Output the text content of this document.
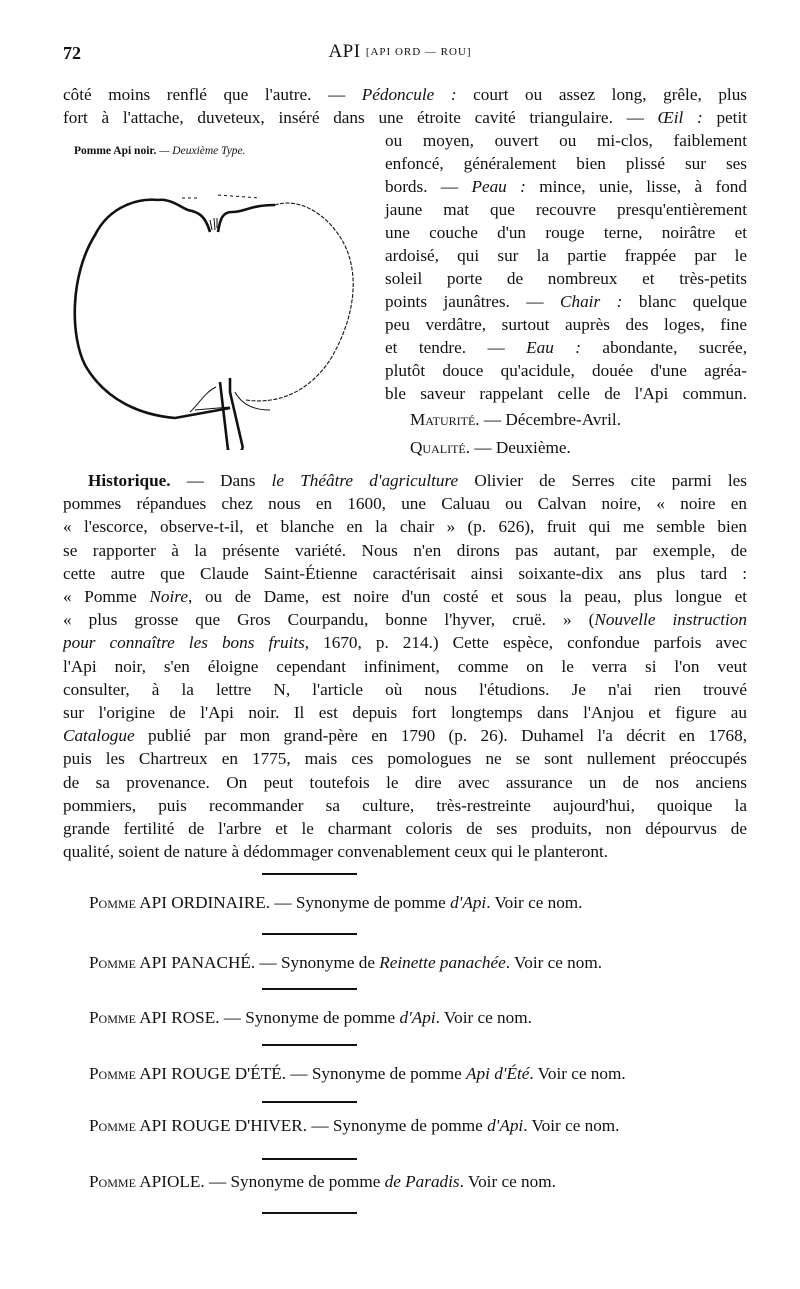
72	API [API ORD — ROU]
côté moins renflé que l'autre. — Pédoncule : court ou assez long, grêle, plus
fort à l'attache, duveteux, inséré dans une étroite cavité triangulaire. — Œil : petit
Pomme Api noir. — Deuxième Type.
ou moyen, ouvert ou mi-clos, faiblement
enfoncé, généralement bien plissé sur ses
bords. — Peau : mince, unie, lisse, à fond
jaune mat que recouvre presqu'entièrement
une couche d'un rouge terne, noirâtre et
ardoisé, qui sur la partie frappée par le
soleil porte de nombreux et très-petits
points jaunâtres. — Chair : blanc quelque
peu verdâtre, surtout auprès des loges, fine
et tendre. — Eau : abondante, sucrée,
plutôt douce qu'acidule, douée d'une agréa-
ble saveur rappelant celle de l'Api commun.
Maturité. — Décembre-Avril.
Qualité. — Deuxième.
Historique. — Dans le Théâtre d'agriculture Olivier de Serres cite parmi les
pommes répandues chez nous en 1600, une Caluau ou Calvan noire, « noire en
« l'escorce, observe-t-il, et blanche en la chair » (p. 626), fruit qui me semble bien
se rapporter à la présente variété. Nous n'en dirons pas autant, par exemple, de
cette autre que Claude Saint-Étienne caractérisait ainsi soixante-dix ans plus tard :
« Pomme Noire, ou de Dame, est noire d'un costé et sous la peau, plus longue et
« plus grosse que Gros Courpandu, bonne l'hyver, cruë. » (Nouvelle instruction
pour connaître les bons fruits, 1670, p. 214.) Cette espèce, confondue parfois avec
l'Api noir, s'en éloigne cependant infiniment, comme on le verra si l'on veut
consulter, à la lettre N, l'article où nous l'étudions. Je n'ai rien trouvé
sur l'origine de l'Api noir. Il est depuis fort longtemps dans l'Anjou et figure au
Catalogue publié par mon grand-père en 1790 (p. 26). Duhamel l'a décrit en 1768,
puis les Chartreux en 1775, mais ces pomologues ne se sont nullement préoccupés
de sa provenance. On peut toutefois le dire avec assurance un de nos anciens
pommiers, puis recommander sa culture, très-restreinte aujourd'hui, quoique la
grande fertilité de l'arbre et le charmant coloris de ses produits, non dépourvus de
qualité, soient de nature à dédommager convenablement ceux qui le planteront.
Pomme API ORDINAIRE. — Synonyme de pomme d'Api. Voir ce nom.
Pomme API PANACHÉ. — Synonyme de Reinette panachée. Voir ce nom.
Pomme API ROSE. — Synonyme de pomme d'Api. Voir ce nom.
Pomme API ROUGE D'ÉTÉ. — Synonyme de pomme Api d'Été. Voir ce nom.
Pomme API ROUGE D'HIVER. — Synonyme de pomme d'Api. Voir ce nom.
Pomme APIOLE. — Synonyme de pomme de Paradis. Voir ce nom.
